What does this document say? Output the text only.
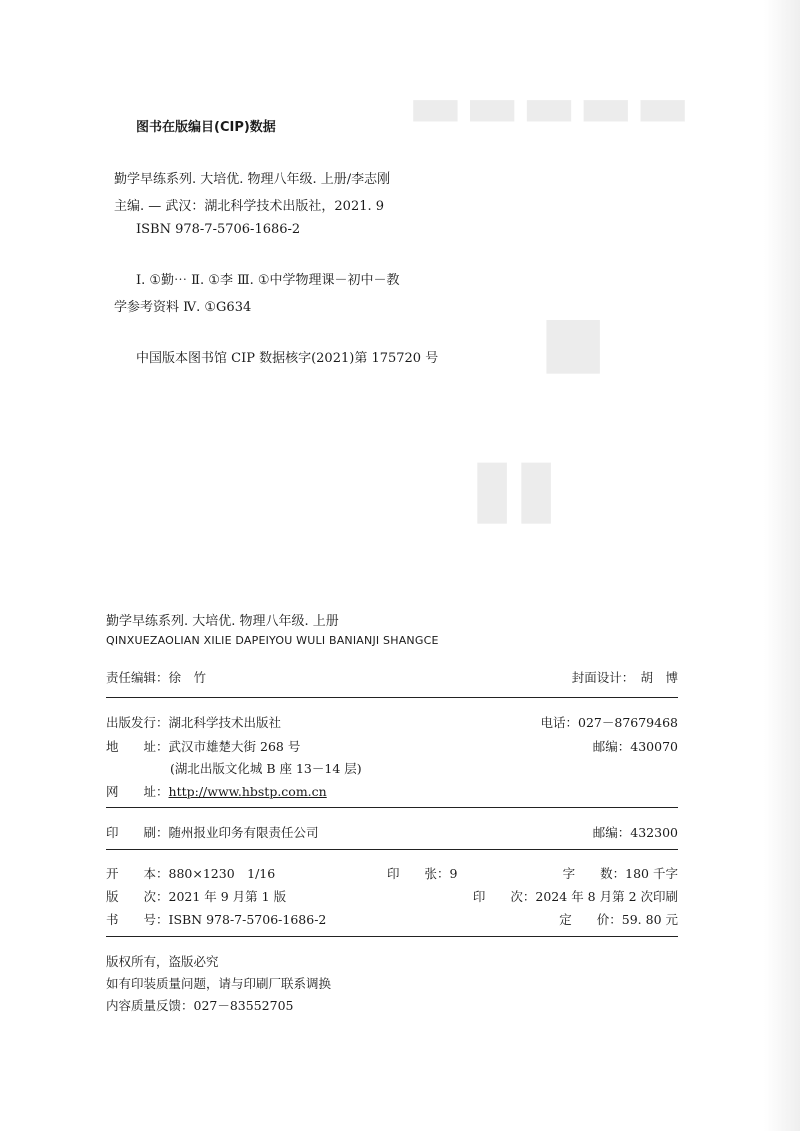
▬▬▬▬▬
■
▮▮
图书在版编目(CIP)数据
勤学早练系列. 大培优. 物理八年级. 上册/李志刚
主编. — 武汉：湖北科学技术出版社，2021. 9
ISBN 978-7-5706-1686-2
Ⅰ. ①勤⋯ Ⅱ. ①李 Ⅲ. ①中学物理课－初中－教
学参考资料 Ⅳ. ①G634
中国版本图书馆 CIP 数据核字(2021)第 175720 号
勤学早练系列. 大培优. 物理八年级. 上册
QINXUEZAOLIAN XILIE DAPEIYOU WULI BANIANJI SHANGCE
责任编辑：徐　竹	封面设计：　胡　博
出版发行：湖北科学技术出版社	电话：027－87679468
地　　址：武汉市雄楚大街 268 号	邮编：430070
(湖北出版文化城 B 座 13－14 层)
网　　址：http://www.hbstp.com.cn
印　　刷：随州报业印务有限责任公司	邮编：432300
开　　本：880×1230　1/16	印　　张：9	字　　数：180 千字
版　　次：2021 年 9 月第 1 版	印　　次：2024 年 8 月第 2 次印刷
书　　号：ISBN 978-7-5706-1686-2	定　　价：59. 80 元
版权所有，盗版必究
如有印装质量问题，请与印刷厂联系调换
内容质量反馈：027－83552705
